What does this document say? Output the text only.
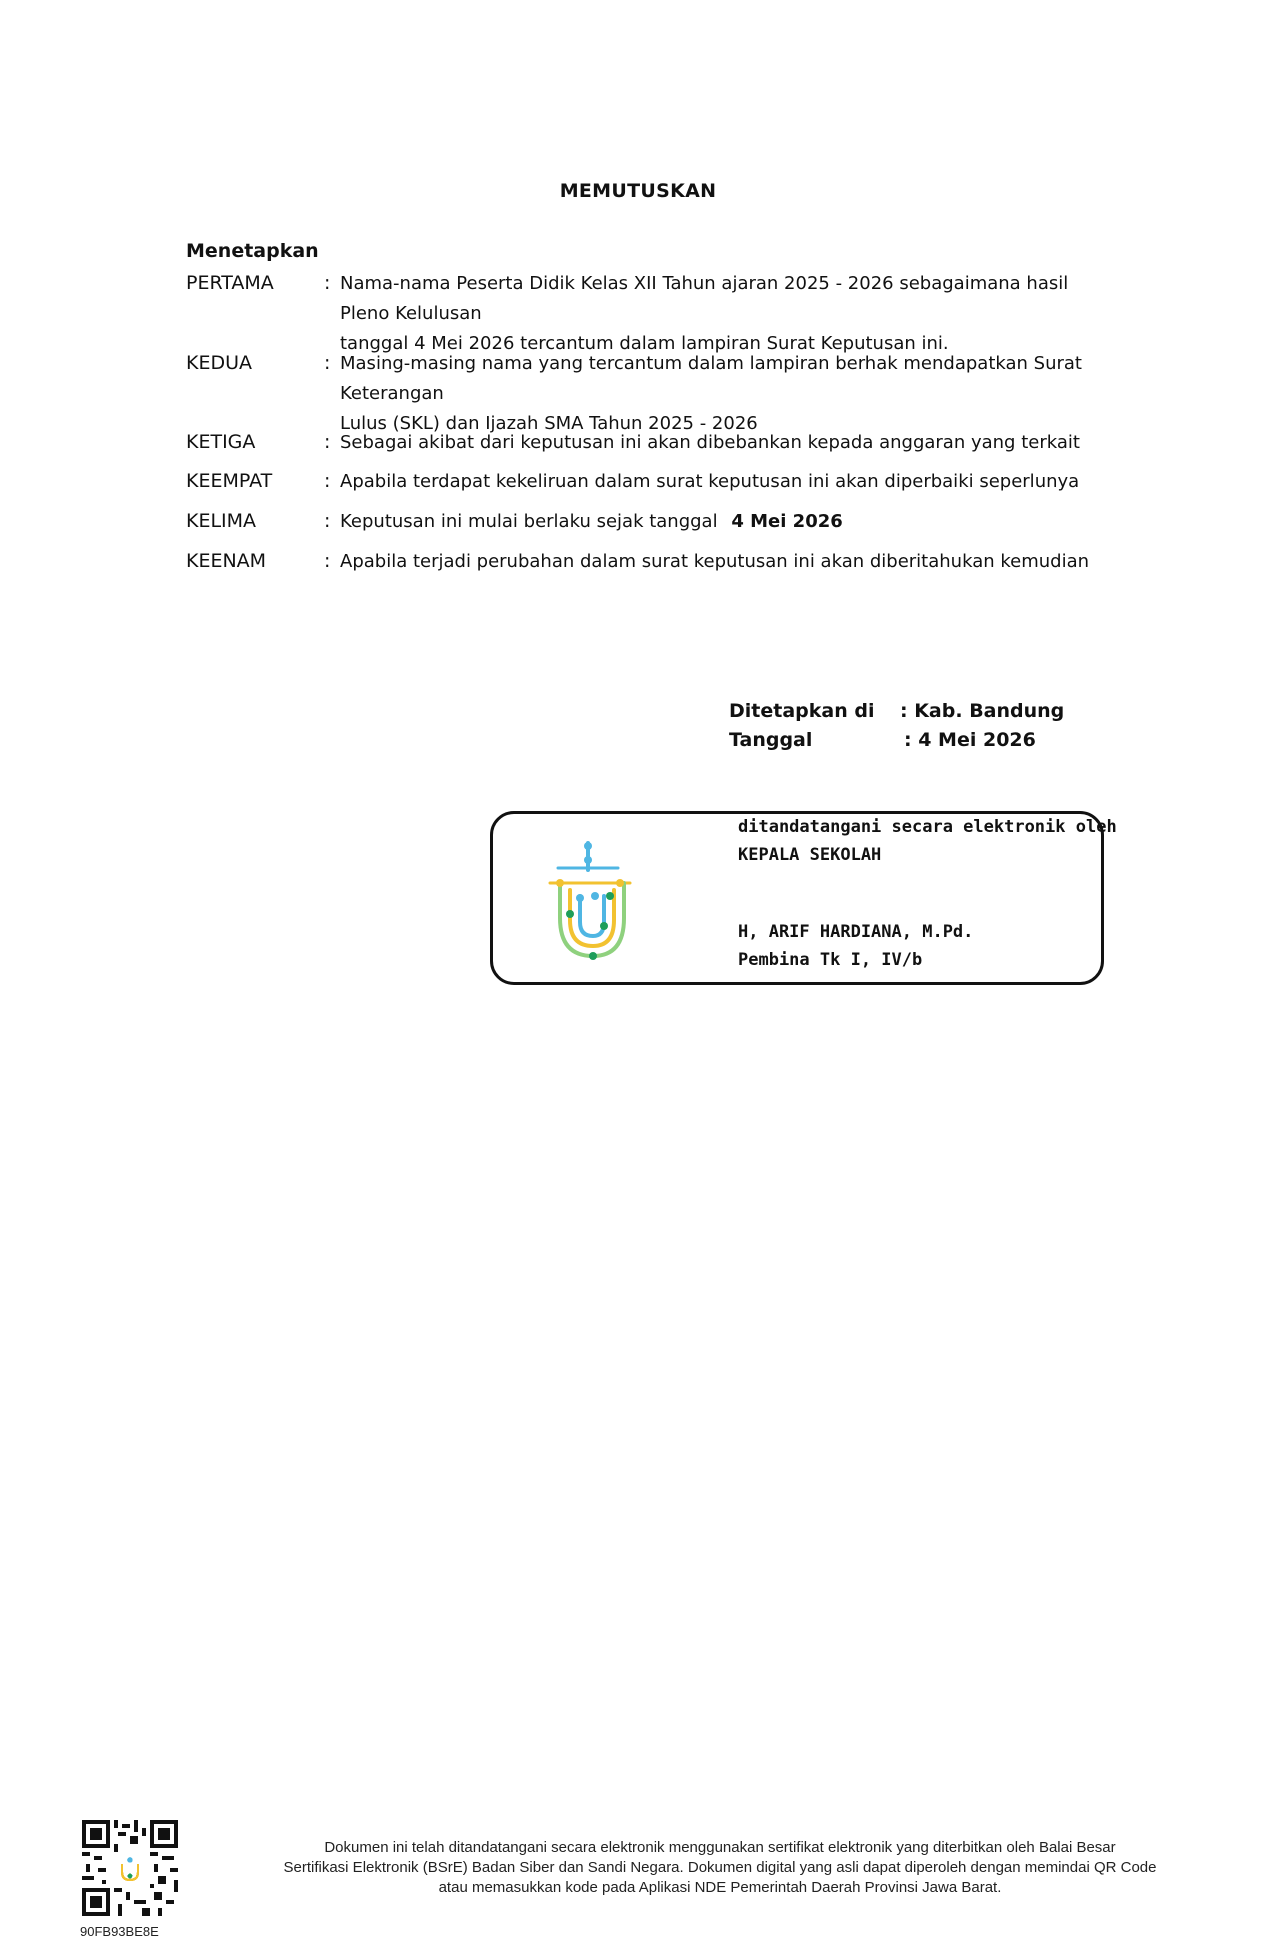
MEMUTUSKAN
Menetapkan
PERTAMA	: Nama-nama Peserta Didik Kelas XII Tahun ajaran 2025 - 2026 sebagaimana hasil Pleno Kelulusan
tanggal 4 Mei 2026 tercantum dalam lampiran Surat Keputusan ini.
KEDUA	: Masing-masing nama yang tercantum dalam lampiran berhak mendapatkan Surat Keterangan
Lulus (SKL) dan Ijazah SMA Tahun 2025 - 2026
KETIGA	: Sebagai akibat dari keputusan ini akan dibebankan kepada anggaran yang terkait
KEEMPAT	: Apabila terdapat kekeliruan dalam surat keputusan ini akan diperbaiki seperlunya
KELIMA	: Keputusan ini mulai berlaku sejak tanggal 4 Mei 2026
KEENAM	: Apabila terjadi perubahan dalam surat keputusan ini akan diberitahukan kemudian
Ditetapkan di : Kab. Bandung
Tanggal	: 4 Mei 2026
ditandatangani secara elektronik oleh
KEPALA SEKOLAH
H, ARIF HARDIANA, M.Pd.
Pembina Tk I, IV/b
90FB93BE8E
Dokumen ini telah ditandatangani secara elektronik menggunakan sertifikat elektronik yang diterbitkan oleh Balai Besar
Sertifikasi Elektronik (BSrE) Badan Siber dan Sandi Negara. Dokumen digital yang asli dapat diperoleh dengan memindai QR Code
atau memasukkan kode pada Aplikasi NDE Pemerintah Daerah Provinsi Jawa Barat.
